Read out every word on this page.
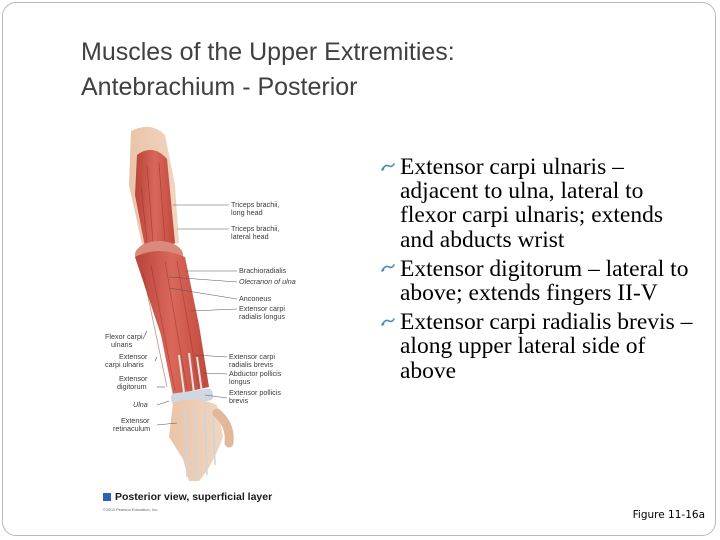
Muscles of the Upper Extremities:
Antebrachium - Posterior
Triceps brachii,
long head
Triceps brachii,
lateral head
Brachioradialis
Olecranon of ulna
Anconeus
Extensor carpi
radialis longus
Extensor carpi
radialis brevis
Abductor pollicis
longus
Extensor pollicis
brevis
Flexor carpi
ulnaris
Extensor
carpi ulnaris
Extensor
digitorum
Ulna
Extensor
retinaculum
Posterior view, superficial layer
©2003 Pearson Education, Inc.
Extensor carpi ulnaris – adjacent to ulna, lateral to flexor carpi ulnaris; extends and abducts wrist
Extensor digitorum – lateral to above; extends fingers II-V
Extensor carpi radialis brevis – along upper lateral side of above
Figure 11-16a
